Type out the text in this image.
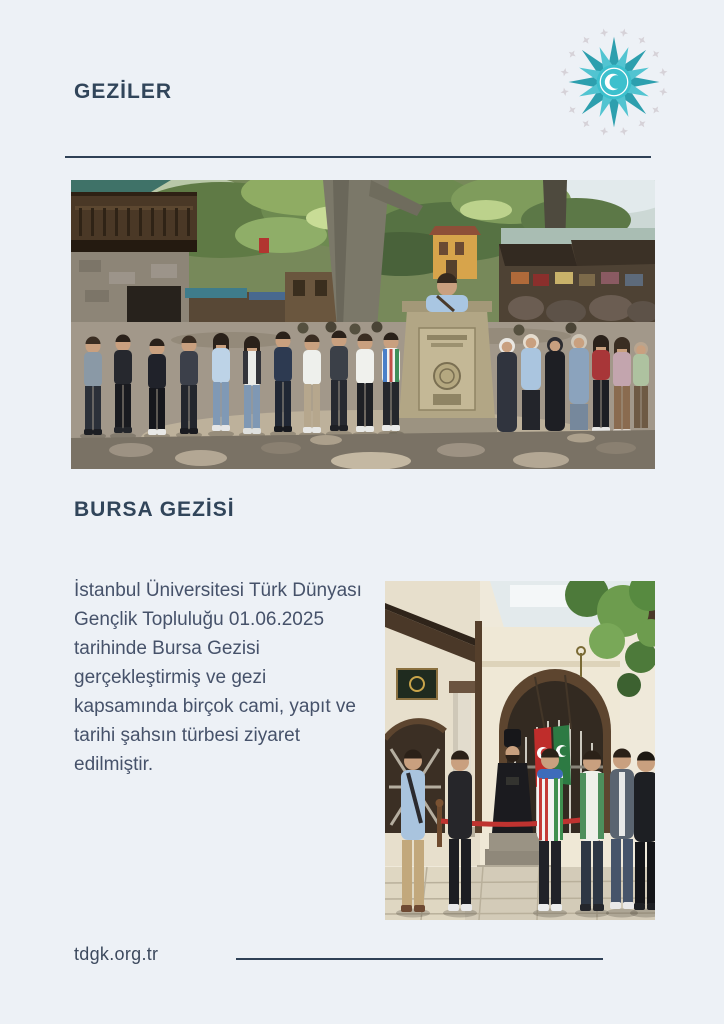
GEZİLER
BURSA GEZİSİ
İstanbul Üniversitesi Türk Dünyası
Gençlik Topluluğu 01.06.2025
tarihinde Bursa Gezisi
gerçekleştirmiş ve gezi
kapsamında birçok cami, yapıt ve
tarihi şahsın türbesi ziyaret
edilmiştir.
tdgk.org.tr
